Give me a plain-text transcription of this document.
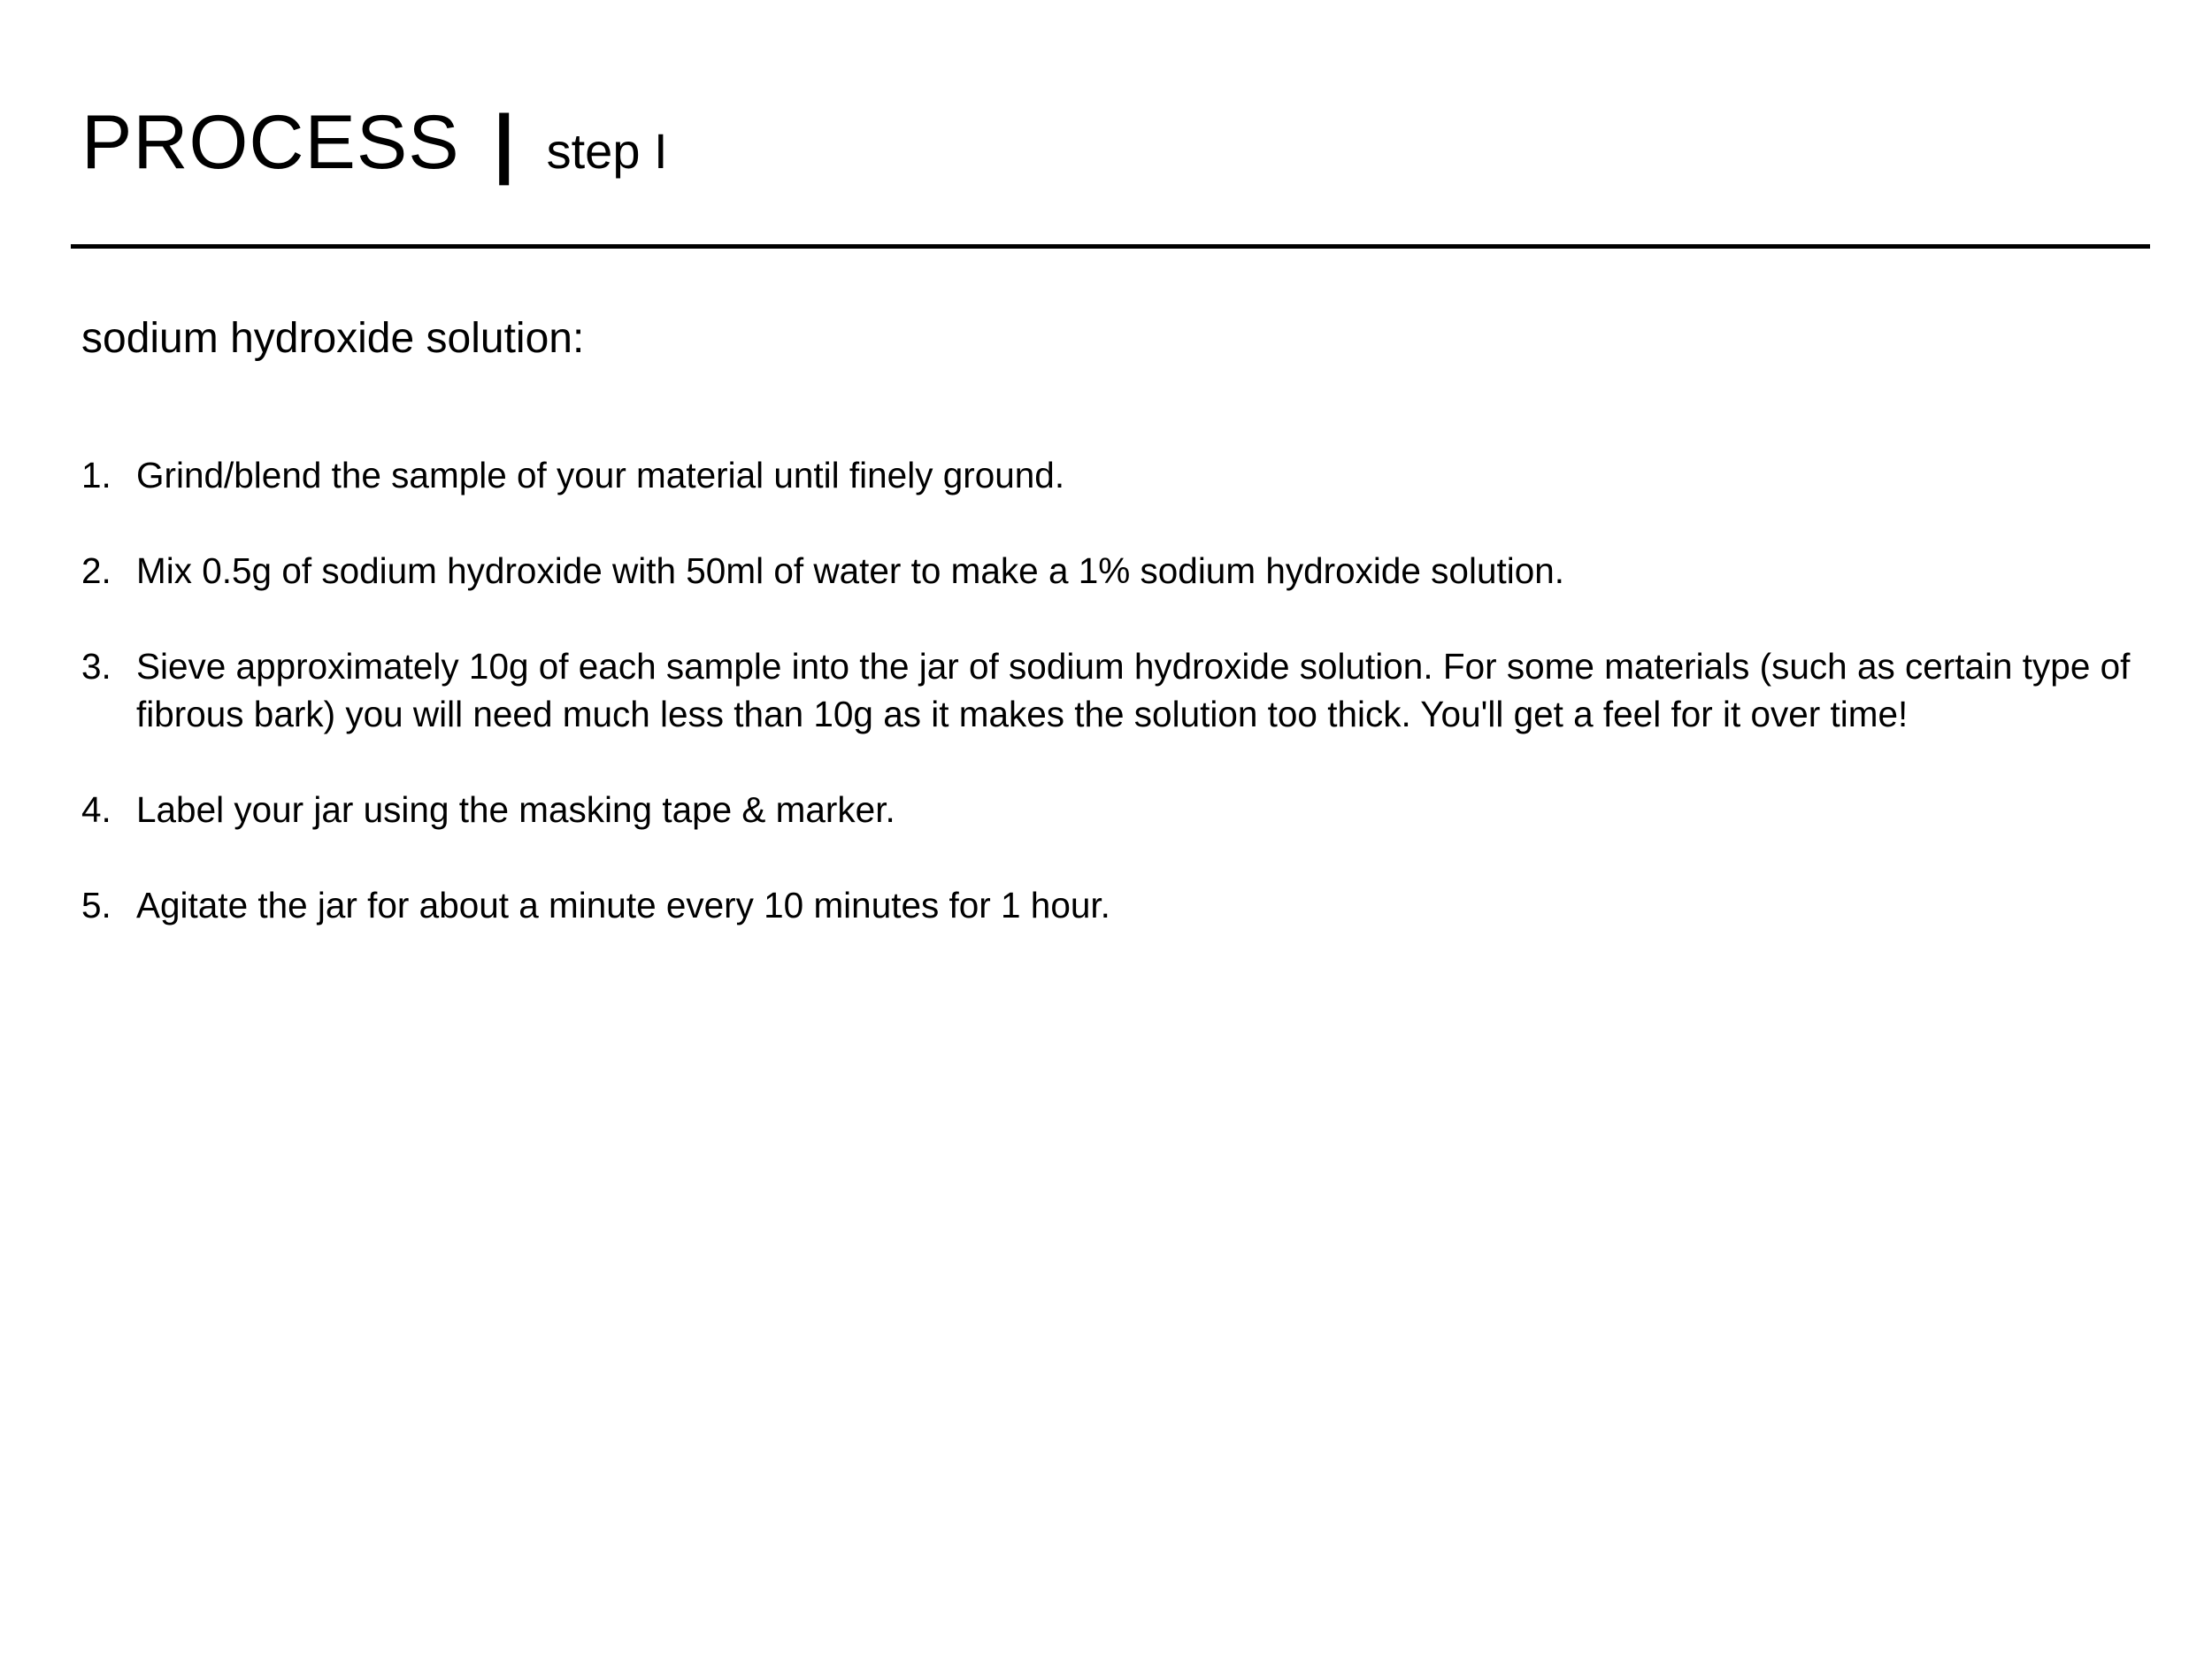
PROCESS | step I
sodium hydroxide solution:
1. Grind/blend the sample of your material until finely ground.
2. Mix 0.5g of sodium hydroxide with 50ml of water to make a 1% sodium hydroxide solution.
3. Sieve approximately 10g of each sample into the jar of sodium hydroxide solution. For some materials (such as certain type of fibrous bark) you will need much less than 10g as it makes the solution too thick. You'll get a feel for it over time!
4. Label your jar using the masking tape & marker.
5. Agitate the jar for about a minute every 10 minutes for 1 hour.
